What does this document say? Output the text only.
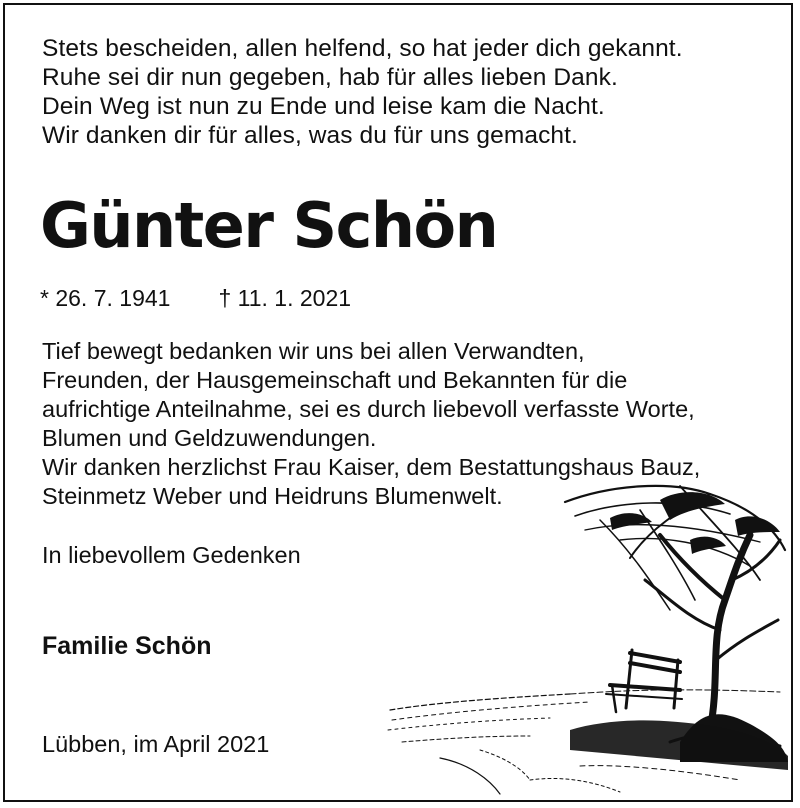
Stets bescheiden, allen helfend, so hat jeder dich gekannt.
Ruhe sei dir nun gegeben, hab für alles lieben Dank.
Dein Weg ist nun zu Ende und leise kam die Nacht.
Wir danken dir für alles, was du für uns gemacht.
Günter Schön
* 26. 7. 1941 † 11. 1. 2021
Tief bewegt bedanken wir uns bei allen Verwandten,
Freunden, der Hausgemeinschaft und Bekannten für die
aufrichtige Anteilnahme, sei es durch liebevoll verfasste Worte,
Blumen und Geldzuwendungen.
Wir danken herzlichst Frau Kaiser, dem Bestattungshaus Bauz,
Steinmetz Weber und Heidruns Blumenwelt.
In liebevollem Gedenken
Familie Schön
Lübben, im April 2021
